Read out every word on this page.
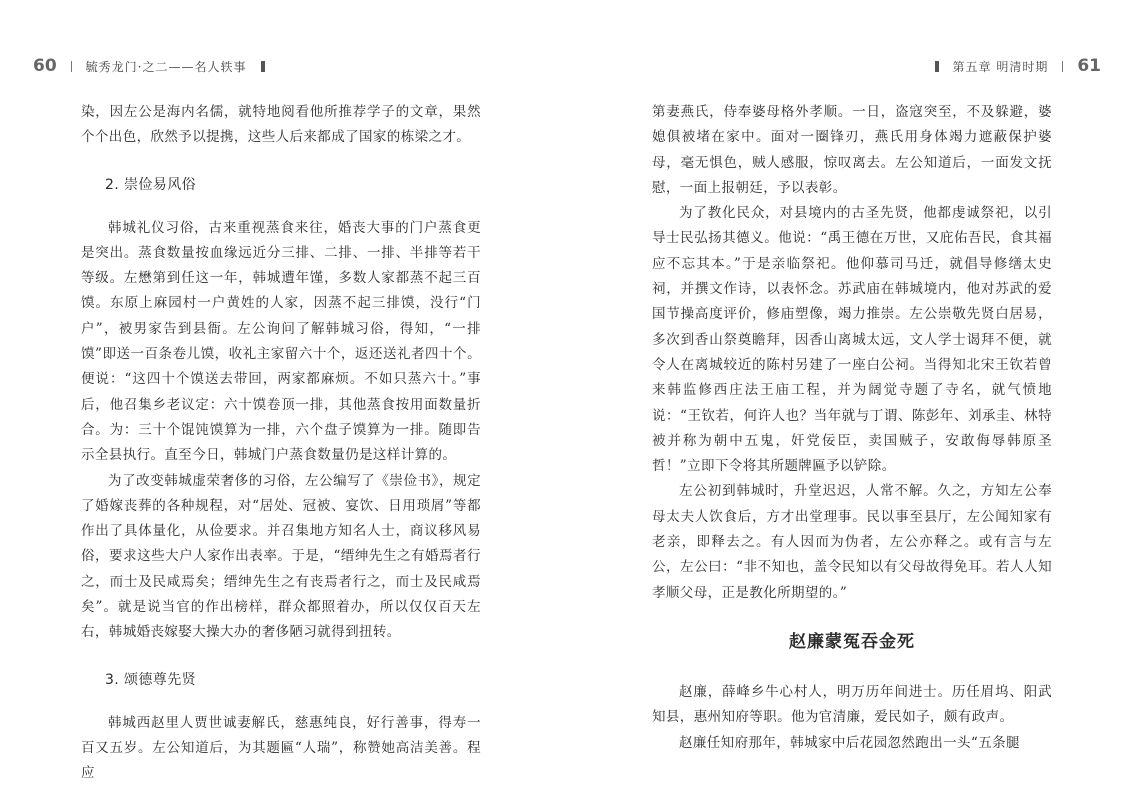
60 毓秀龙门·之二——名人轶事

染，因左公是海内名儒，就特地阅看他所推荐学子的文章，果然个个出色，欣然予以提携，这些人后来都成了国家的栋梁之才。

2. 崇俭易风俗

韩城礼仪习俗，古来重视蒸食来往，婚丧大事的门户蒸食更是突出。蒸食数量按血缘远近分三排、二排、一排、半排等若干等级。左懋第到任这一年，韩城遭年馑，多数人家都蒸不起三百馍。东原上麻园村一户黄姓的人家，因蒸不起三排馍，没行“门户”，被男家告到县衙。左公询问了解韩城习俗，得知，“一排馍”即送一百条卷儿馍，收礼主家留六十个，返还送礼者四十个。便说：“这四十个馍送去带回，两家都麻烦。不如只蒸六十。”事后，他召集乡老议定：六十馍卷顶一排，其他蒸食按用面数量折合。为：三十个馄饨馍算为一排，六个盘子馍算为一排。随即告示全县执行。直至今日，韩城门户蒸食数量仍是这样计算的。

为了改变韩城虚荣奢侈的习俗，左公编写了《崇俭书》，规定了婚嫁丧葬的各种规程，对“居处、冠被、宴饮、日用琐屑”等都作出了具体量化，从俭要求。并召集地方知名人士，商议移风易俗，要求这些大户人家作出表率。于是，“缙绅先生之有婚焉者行之，而士及民咸焉矣；缙绅先生之有丧焉者行之，而士及民咸焉矣”。就是说当官的作出榜样，群众都照着办，所以仅仅百天左右，韩城婚丧嫁娶大操大办的奢侈陋习就得到扭转。

3. 颂德尊先贤

韩城西赵里人贾世诚妻解氏，慈惠纯良，好行善事，得寿一百又五岁。左公知道后，为其题匾“人瑞”，称赞她高洁美善。程应

第五章 明清时期 61

第妻燕氏，侍奉婆母格外孝顺。一日，盗寇突至，不及躲避，婆媳俱被堵在家中。面对一圈锋刃，燕氏用身体竭力遮蔽保护婆母，毫无惧色，贼人感服，惊叹离去。左公知道后，一面发文抚慰，一面上报朝廷，予以表彰。

为了教化民众，对县境内的古圣先贤，他都虔诚祭祀，以引导士民弘扬其德义。他说：“禹王德在万世，又庇佑吾民，食其福应不忘其本。”于是亲临祭祀。他仰慕司马迁，就倡导修缮太史祠，并撰文作诗，以表怀念。苏武庙在韩城境内，他对苏武的爱国节操高度评价，修庙塑像，竭力推崇。左公崇敬先贤白居易，多次到香山祭奠瞻拜，因香山离城太远，文人学士谒拜不便，就令人在离城较近的陈村另建了一座白公祠。当得知北宋王钦若曾来韩监修西庄法王庙工程，并为阔觉寺题了寺名，就气愤地说：“王钦若，何许人也？当年就与丁谓、陈彭年、刘承圭、林特被并称为朝中五鬼，奸党佞臣，卖国贼子，安敢侮辱韩原圣哲！”立即下令将其所题牌匾予以铲除。

左公初到韩城时，升堂迟迟，人常不解。久之，方知左公奉母太夫人饮食后，方才出堂理事。民以事至县厅，左公闻知家有老亲，即释去之。有人因而为伪者，左公亦释之。或有言与左公，左公曰：“非不知也，盖令民知以有父母故得免耳。若人人知孝顺父母，正是教化所期望的。”

赵廉蒙冤吞金死

赵廉，薛峰乡牛心村人，明万历年间进士。历任眉坞、阳武知县，惠州知府等职。他为官清廉，爱民如子，颇有政声。

赵廉任知府那年，韩城家中后花园忽然跑出一头“五条腿
